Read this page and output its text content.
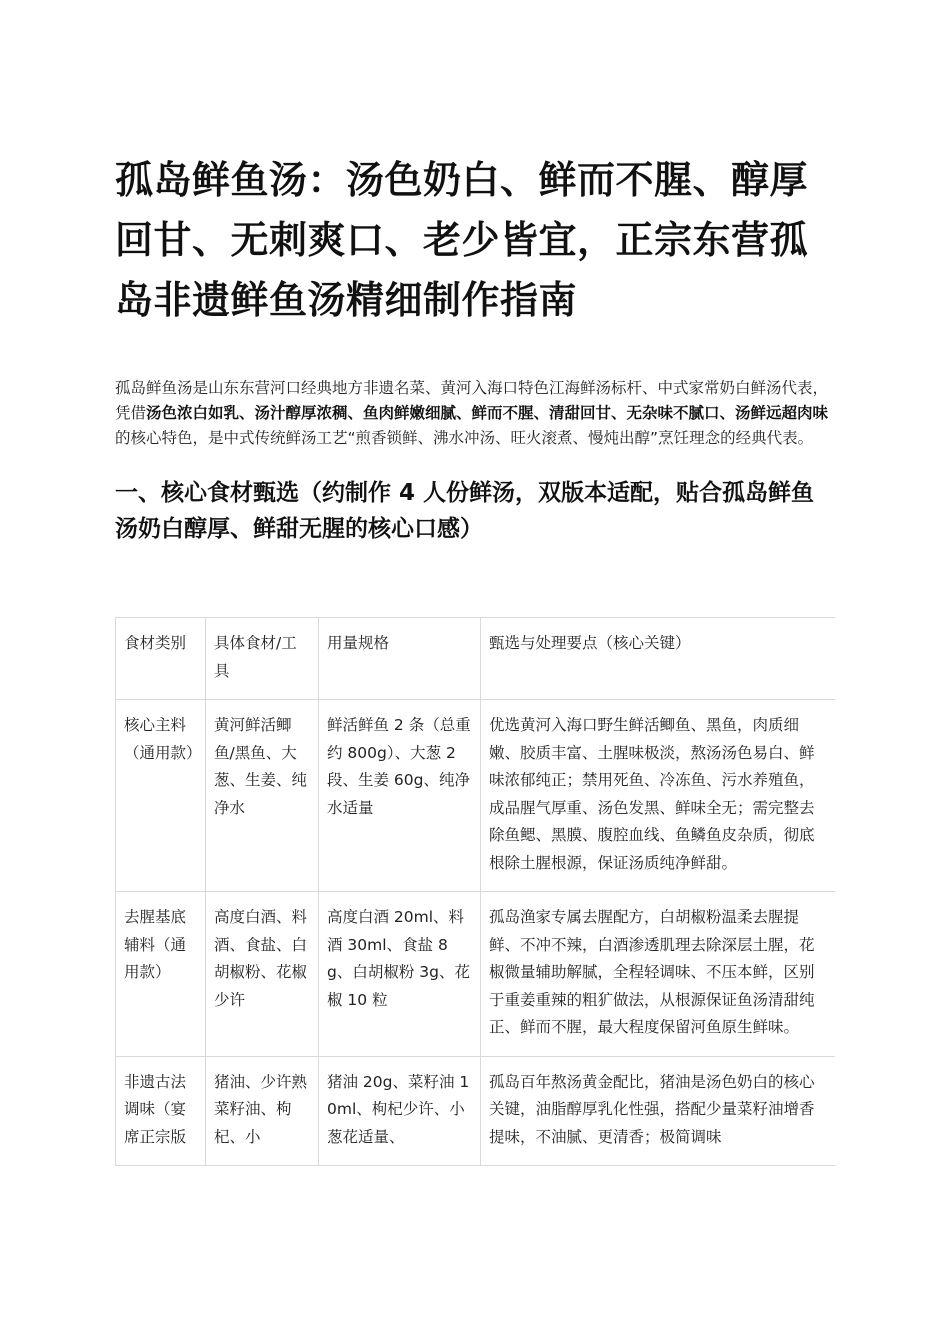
孤岛鲜鱼汤：汤色奶白、鲜而不腥、醇厚回甘、无刺爽口、老少皆宜，正宗东营孤岛非遗鲜鱼汤精细制作指南

孤岛鲜鱼汤是山东东营河口经典地方非遗名菜、黄河入海口特色江海鲜汤标杆、中式家常奶白鲜汤代表，凭借汤色浓白如乳、汤汁醇厚浓稠、鱼肉鲜嫩细腻、鲜而不腥、清甜回甘、无杂味不腻口、汤鲜远超肉味的核心特色，是中式传统鲜汤工艺“煎香锁鲜、沸水冲汤、旺火滚煮、慢炖出醇”烹饪理念的经典代表。

一、核心食材甄选（约制作 4 人份鲜汤，双版本适配，贴合孤岛鲜鱼汤奶白醇厚、鲜甜无腥的核心口感）
食材类别	具体食材/工具	用量规格	甄选与处理要点（核心关键）
核心主料（通用款）	黄河鲜活鲫鱼/黑鱼、大葱、生姜、纯净水	鲜活鲜鱼 2 条（总重约 800g）、大葱 2 段、生姜 60g、纯净水适量	优选黄河入海口野生鲜活鲫鱼、黑鱼，肉质细嫩、胶质丰富、土腥味极淡，熬汤汤色易白、鲜味浓郁纯正；禁用死鱼、冷冻鱼、污水养殖鱼，成品腥气厚重、汤色发黑、鲜味全无；需完整去除鱼鳃、黑膜、腹腔血线、鱼鳞鱼皮杂质，彻底根除土腥根源，保证汤质纯净鲜甜。
去腥基底辅料（通用款）	高度白酒、料酒、食盐、白胡椒粉、花椒少许	高度白酒 20ml、料酒 30ml、食盐 8g、白胡椒粉 3g、花椒 10 粒	孤岛渔家专属去腥配方，白胡椒粉温柔去腥提鲜、不冲不辣，白酒渗透肌理去除深层土腥，花椒微量辅助解腻，全程轻调味、不压本鲜，区别于重姜重辣的粗犷做法，从根源保证鱼汤清甜纯正、鲜而不腥，最大程度保留河鱼原生鲜味。
非遗古法调味（宴席正宗版	猪油、少许熟菜籽油、枸杞、小	猪油 20g、菜籽油 10ml、枸杞少许、小葱花适量、	孤岛百年熬汤黄金配比，猪油是汤色奶白的核心关键，油脂醇厚乳化性强，搭配少量菜籽油增香提味，不油腻、更清香；极简调味
